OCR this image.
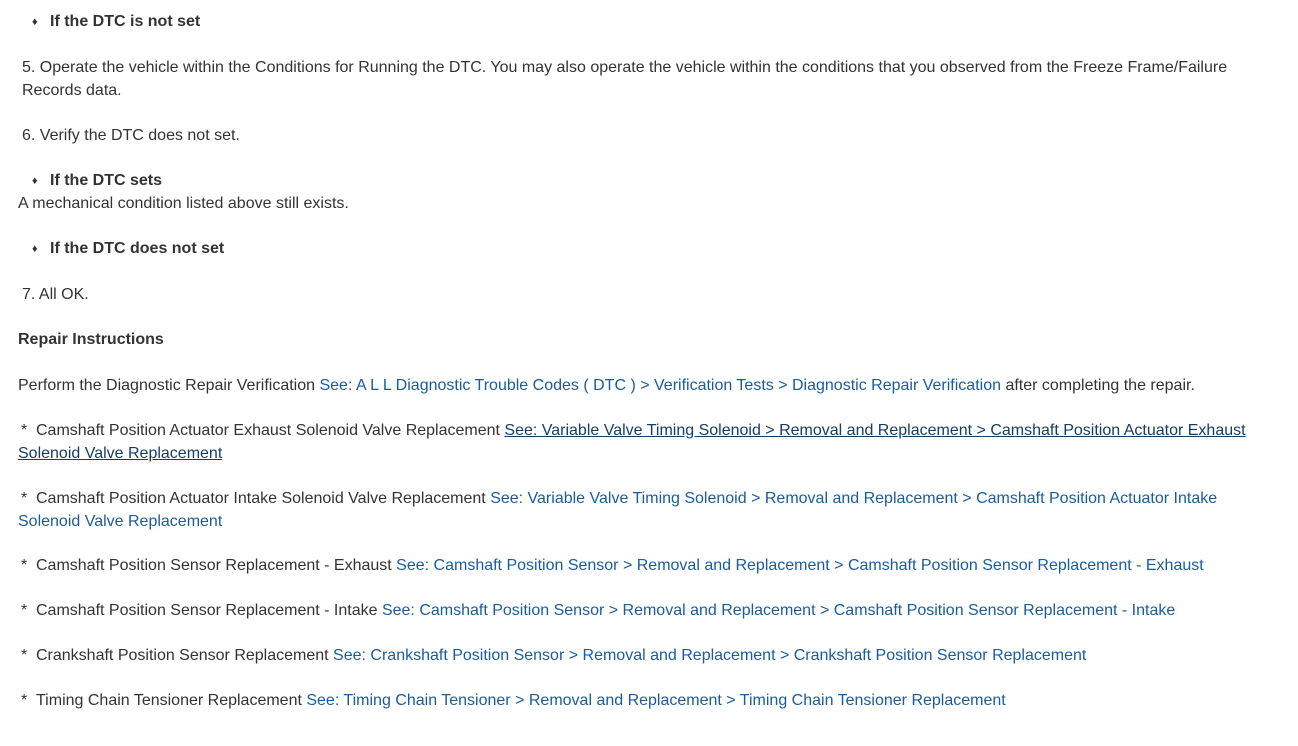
♦ If the DTC is not set
5. Operate the vehicle within the Conditions for Running the DTC. You may also operate the vehicle within the conditions that you observed from the Freeze Frame/Failure Records data.
6. Verify the DTC does not set.
♦ If the DTC sets
A mechanical condition listed above still exists.
♦ If the DTC does not set
7. All OK.
Repair Instructions
Perform the Diagnostic Repair Verification See: A L L Diagnostic Trouble Codes ( DTC ) > Verification Tests > Diagnostic Repair Verification after completing the repair.
* Camshaft Position Actuator Exhaust Solenoid Valve Replacement See: Variable Valve Timing Solenoid > Removal and Replacement > Camshaft Position Actuator Exhaust Solenoid Valve Replacement
* Camshaft Position Actuator Intake Solenoid Valve Replacement See: Variable Valve Timing Solenoid > Removal and Replacement > Camshaft Position Actuator Intake Solenoid Valve Replacement
* Camshaft Position Sensor Replacement - Exhaust See: Camshaft Position Sensor > Removal and Replacement > Camshaft Position Sensor Replacement - Exhaust
* Camshaft Position Sensor Replacement - Intake See: Camshaft Position Sensor > Removal and Replacement > Camshaft Position Sensor Replacement - Intake
* Crankshaft Position Sensor Replacement See: Crankshaft Position Sensor > Removal and Replacement > Crankshaft Position Sensor Replacement
* Timing Chain Tensioner Replacement See: Timing Chain Tensioner > Removal and Replacement > Timing Chain Tensioner Replacement
